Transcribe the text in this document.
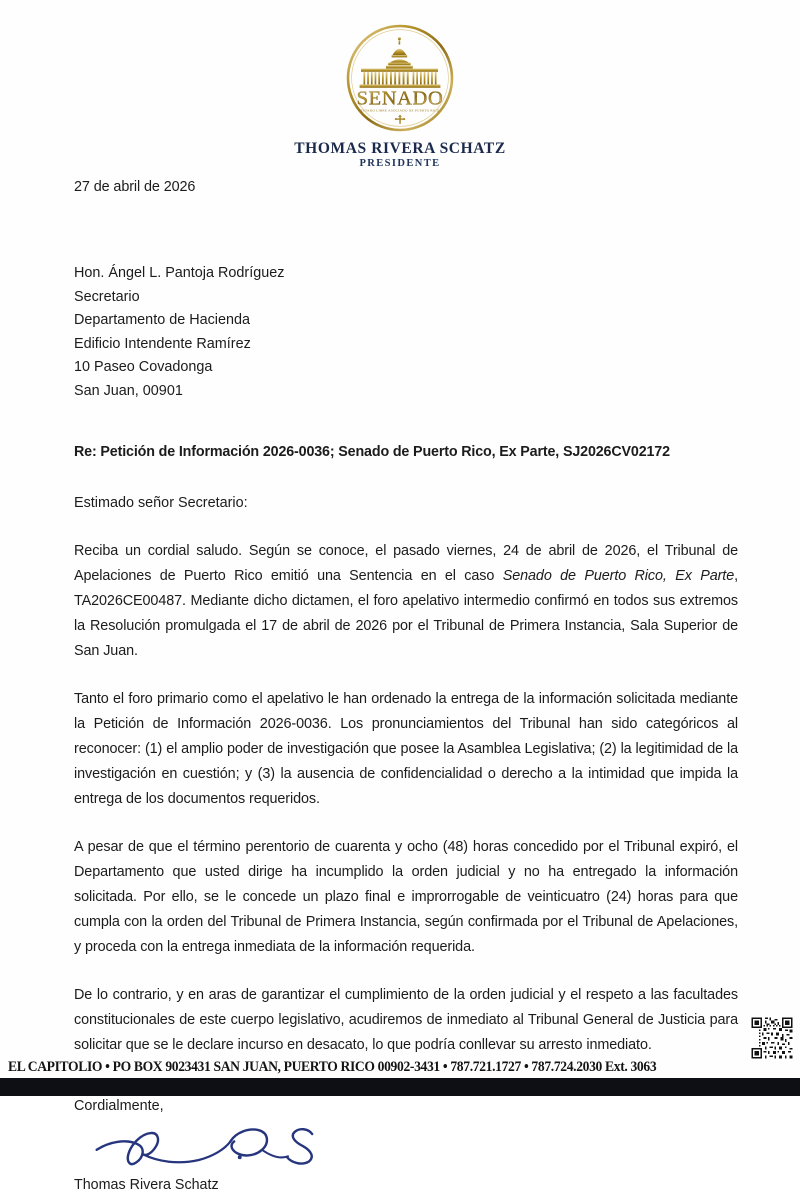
SENADO
ESTADO LIBRE ASOCIADO DE PUERTO RICO
THOMAS RIVERA SCHATZ
PRESIDENTE
27 de abril de 2026
Hon. Ángel L. Pantoja Rodríguez
Secretario
Departamento de Hacienda
Edificio Intendente Ramírez
10 Paseo Covadonga
San Juan, 00901
Re: Petición de Información 2026-0036; Senado de Puerto Rico, Ex Parte, SJ2026CV02172
Estimado señor Secretario:

Reciba un cordial saludo. Según se conoce, el pasado viernes, 24 de abril de 2026, el Tribunal de Apelaciones de Puerto Rico emitió una Sentencia en el caso Senado de Puerto Rico, Ex Parte, TA2026CE00487. Mediante dicho dictamen, el foro apelativo intermedio confirmó en todos sus extremos la Resolución promulgada el 17 de abril de 2026 por el Tribunal de Primera Instancia, Sala Superior de San Juan.

Tanto el foro primario como el apelativo le han ordenado la entrega de la información solicitada mediante la Petición de Información 2026-0036. Los pronunciamientos del Tribunal han sido categóricos al reconocer: (1) el amplio poder de investigación que posee la Asamblea Legislativa; (2) la legitimidad de la investigación en cuestión; y (3) la ausencia de confidencialidad o derecho a la intimidad que impida la entrega de los documentos requeridos.

A pesar de que el término perentorio de cuarenta y ocho (48) horas concedido por el Tribunal expiró, el Departamento que usted dirige ha incumplido la orden judicial y no ha entregado la información solicitada. Por ello, se le concede un plazo final e improrrogable de veinticuatro (24) horas para que cumpla con la orden del Tribunal de Primera Instancia, según confirmada por el Tribunal de Apelaciones, y proceda con la entrega inmediata de la información requerida.

De lo contrario, y en aras de garantizar el cumplimiento de la orden judicial y el respeto a las facultades constitucionales de este cuerpo legislativo, acudiremos de inmediato al Tribunal General de Justicia para solicitar que se le declare incurso en desacato, lo que podría conllevar su arresto inmediato.

Cordialmente,
Thomas Rivera Schatz
EL CAPITOLIO • PO BOX 9023431 SAN JUAN, PUERTO RICO 00902-3431 • 787.721.1727 • 787.724.2030 Ext. 3063
